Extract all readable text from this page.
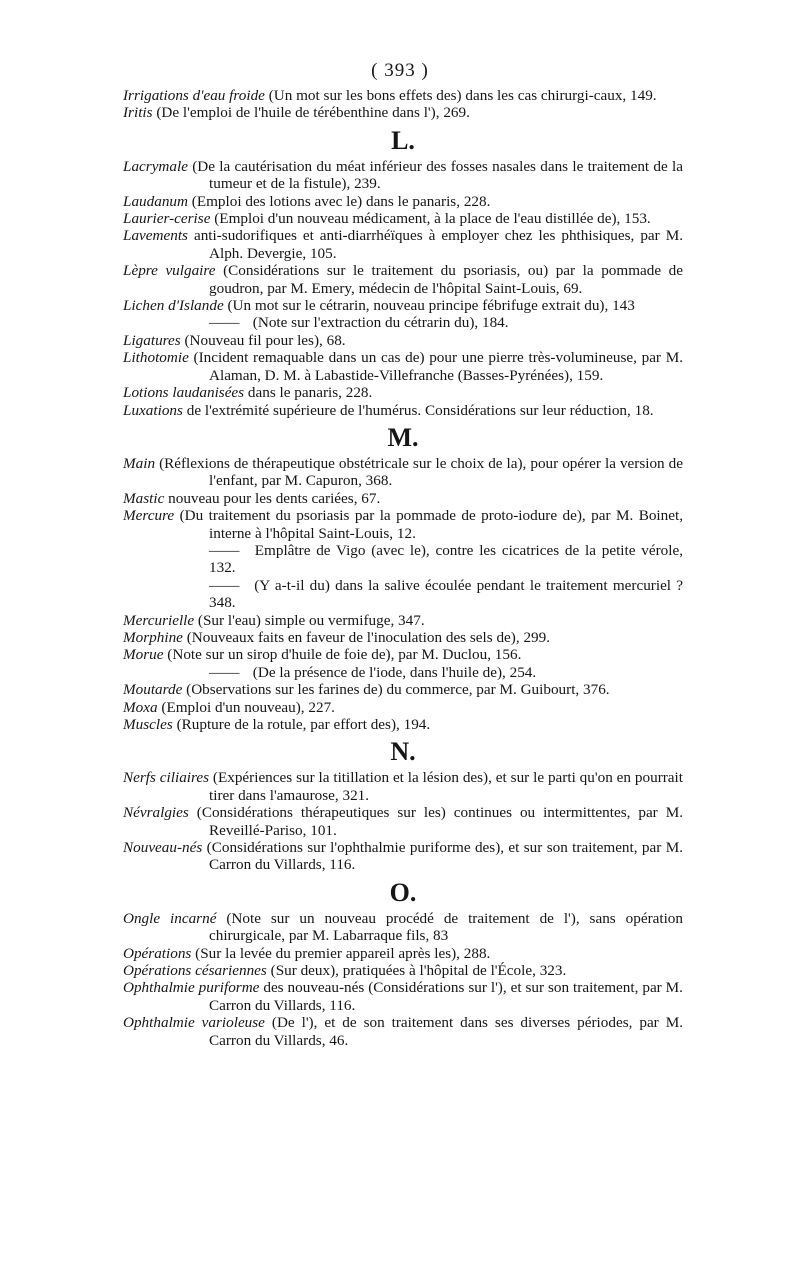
( 393 )
Irrigations d'eau froide (Un mot sur les bons effets des) dans les cas chirurgi-caux, 149.
Iritis (De l'emploi de l'huile de térébenthine dans l'), 269.
L.
Lacrymale (De la cautérisation du méat inférieur des fosses nasales dans le traitement de la tumeur et de la fistule), 239.
Laudanum (Emploi des lotions avec le) dans le panaris, 228.
Laurier-cerise (Emploi d'un nouveau médicament, à la place de l'eau distillée de), 153.
Lavements anti-sudorifiques et anti-diarrhéïques à employer chez les phthisiques, par M. Alph. Devergie, 105.
Lèpre vulgaire (Considérations sur le traitement du psoriasis, ou) par la pommade de goudron, par M. Emery, médecin de l'hôpital Saint-Louis, 69.
Lichen d'Islande (Un mot sur le cétrarin, nouveau principe fébrifuge extrait du), 143
—— (Note sur l'extraction du cétrarin du), 184.
Ligatures (Nouveau fil pour les), 68.
Lithotomie (Incident remaquable dans un cas de) pour une pierre très-volumineuse, par M. Alaman, D. M. à Labastide-Villefranche (Basses-Pyrénées), 159.
Lotions laudanisées dans le panaris, 228.
Luxations de l'extrémité supérieure de l'humérus. Considérations sur leur réduction, 18.
M.
Main (Réflexions de thérapeutique obstétricale sur le choix de la), pour opérer la version de l'enfant, par M. Capuron, 368.
Mastic nouveau pour les dents cariées, 67.
Mercure (Du traitement du psoriasis par la pommade de proto-iodure de), par M. Boinet, interne à l'hôpital Saint-Louis, 12.
—— Emplâtre de Vigo (avec le), contre les cicatrices de la petite vérole, 132.
—— (Y a-t-il du) dans la salive écoulée pendant le traitement mercuriel ? 348.
Mercurielle (Sur l'eau) simple ou vermifuge, 347.
Morphine (Nouveaux faits en faveur de l'inoculation des sels de), 299.
Morue (Note sur un sirop d'huile de foie de), par M. Duclou, 156.
—— (De la présence de l'iode, dans l'huile de), 254.
Moutarde (Observations sur les farines de) du commerce, par M. Guibourt, 376.
Moxa (Emploi d'un nouveau), 227.
Muscles (Rupture de la rotule, par effort des), 194.
N.
Nerfs ciliaires (Expériences sur la titillation et la lésion des), et sur le parti qu'on en pourrait tirer dans l'amaurose, 321.
Névralgies (Considérations thérapeutiques sur les) continues ou intermittentes, par M. Reveillé-Pariso, 101.
Nouveau-nés (Considérations sur l'ophthalmie puriforme des), et sur son traitement, par M. Carron du Villards, 116.
O.
Ongle incarné (Note sur un nouveau procédé de traitement de l'), sans opération chirurgicale, par M. Labarraque fils, 83
Opérations (Sur la levée du premier appareil après les), 288.
Opérations césariennes (Sur deux), pratiquées à l'hôpital de l'École, 323.
Ophthalmie puriforme des nouveau-nés (Considérations sur l'), et sur son traitement, par M. Carron du Villards, 116.
Ophthalmie varioleuse (De l'), et de son traitement dans ses diverses périodes, par M. Carron du Villards, 46.
